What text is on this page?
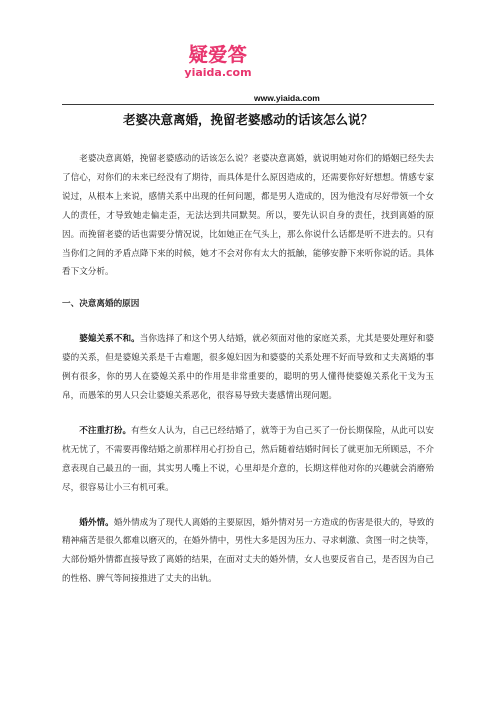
疑爱答
yiaida.com
www.yiaida.com
老婆决意离婚，挽留老婆感动的话该怎么说？

老婆决意离婚，挽留老婆感动的话该怎么说？老婆决意离婚，就说明她对你们的婚姻已经失去了信心，对你们的未来已经没有了期待，而具体是什么原因造成的，还需要你好好想想。情感专家说过，从根本上来说，感情关系中出现的任何问题，都是男人造成的，因为他没有尽好带领一个女人的责任，才导致她走偏走歪，无法达到共同默契。所以，要先认识自身的责任，找到离婚的原因。而挽留老婆的话也需要分情况说，比如她正在气头上，那么你说什么话都是听不进去的。只有当你们之间的矛盾点降下来的时候，她才不会对你有太大的抵触，能够安静下来听你说的话。具体看下文分析。

一、决意离婚的原因

婆媳关系不和。当你选择了和这个男人结婚，就必须面对他的家庭关系，尤其是要处理好和婆婆的关系，但是婆媳关系是千古难题，很多媳妇因为和婆婆的关系处理不好而导致和丈夫离婚的事例有很多，你的男人在婆媳关系中的作用是非常重要的，聪明的男人懂得使婆媳关系化干戈为玉帛，而愚笨的男人只会让婆媳关系恶化，很容易导致夫妻感情出现问题。

不注重打扮。有些女人认为，自己已经结婚了，就等于为自己买了一份长期保险，从此可以安枕无忧了，不需要再像结婚之前那样用心打扮自己，然后随着结婚时间长了就更加无所顾忌，不介意表现自己最丑的一面，其实男人嘴上不说，心里却是介意的，长期这样他对你的兴趣就会消磨殆尽，很容易让小三有机可乘。

婚外情。婚外情成为了现代人离婚的主要原因，婚外情对另一方造成的伤害是很大的，导致的精神痛苦是很久都难以磨灭的，在婚外情中，男性大多是因为压力、寻求刺激、贪图一时之快等，大部份婚外情都直接导致了离婚的结果，在面对丈夫的婚外情，女人也要反省自己，是否因为自己的性格、脾气等间接推进了丈夫的出轨。
